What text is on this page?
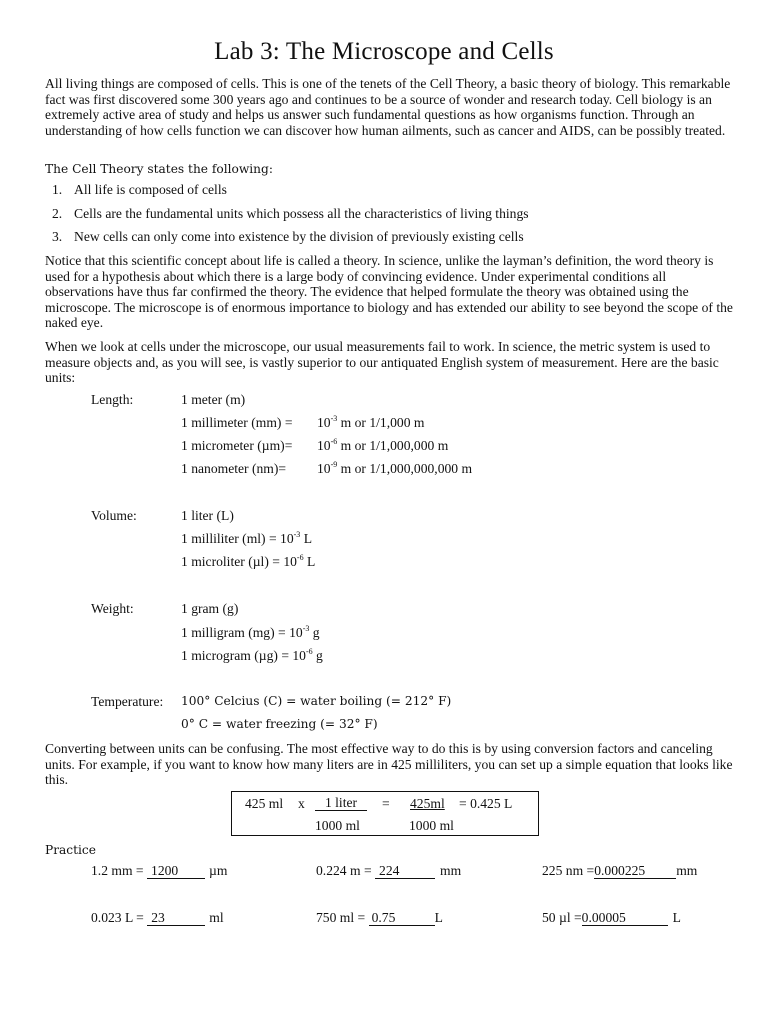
Lab 3: The Microscope and Cells

All living things are composed of cells. This is one of the tenets of the Cell Theory, a basic theory of biology. This remarkable fact was first discovered some 300 years ago and continues to be a source of wonder and research today. Cell biology is an extremely active area of study and helps us answer such fundamental questions as how organisms function. Through an understanding of how cells function we can discover how human ailments, such as cancer and AIDS, can be possibly treated.

The Cell Theory states the following:
1. All life is composed of cells
2. Cells are the fundamental units which possess all the characteristics of living things
3. New cells can only come into existence by the division of previously existing cells

Notice that this scientific concept about life is called a theory. In science, unlike the layman’s definition, the word theory is used for a hypothesis about which there is a large body of convincing evidence. Under experimental conditions all observations have thus far confirmed the theory. The evidence that helped formulate the theory was obtained using the microscope. The microscope is of enormous importance to biology and has extended our ability to see beyond the scope of the naked eye.

When we look at cells under the microscope, our usual measurements fail to work. In science, the metric system is used to measure objects and, as you will see, is vastly superior to our antiquated English system of measurement. Here are the basic units:

Length:	1 meter (m)
1 millimeter $(mm) = 10^{-3}$ m or 1/1,000 m
1 micrometer $(\mu m)= 10^{-6}$ m or 1/1,000,000 m
1 nanometer $(nm)= 10^{-9}$ m or 1/1,000,000,000 m
Volume:	1 liter (L)
1 milliliter $(ml) = 10^{-3}$ L
1 microliter $(\mu l) = 10^{-6}$ L
Weight:	1 gram (g)
1 milligram $(mg) = 10^{-3}$ g
1 microgram $(\mu g) = 10^{-6}$ g
Temperature: 100° Celcius (C) = water boiling (= 212° F)
0° C = water freezing (= 32° F)

Converting between units can be confusing. The most effective way to do this is by using conversion factors and canceling units. For example, if you want to know how many liters are in 425 milliliters, you can set up a simple equation that looks like this.

425 ml x	1 liter	= 425ml = 0.425 L
1000 ml	1000 ml
Practice
1.2 mm = 1200 µm	0.224 m = 224	mm	225 nm =0.000225 mm
0.023 L = 23	ml	750 ml = 0.75	L	50 µl =0.00005	L
